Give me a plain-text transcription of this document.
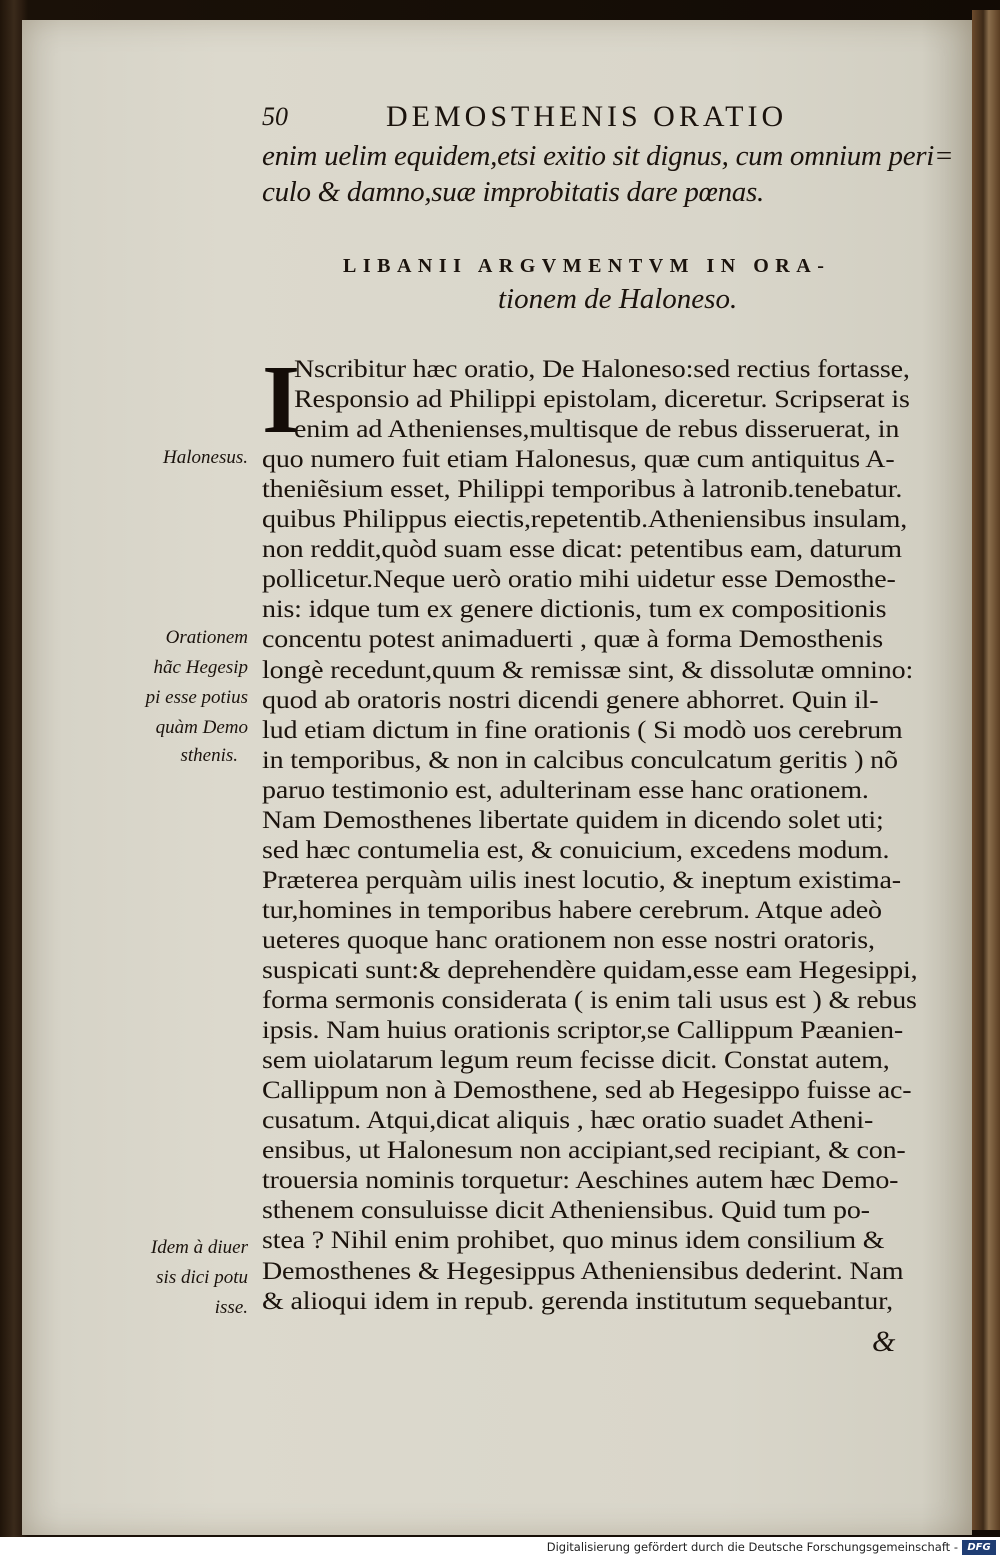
50	DEMOSTHENIS ORATIO
enim uelim equidem,etsi exitio sit dignus, cum omnium peri=
culo & damno,suæ improbitatis dare pœnas.
LIBANII ARGVMENTVM IN ORA-
tionem de Haloneso.
I
Nscribitur hæc oratio, De Haloneso:sed rectius fortasse,
Responsio ad Philippi epistolam, diceretur. Scripserat is
enim ad Athenienses,multisque de rebus disseruerat, in
quo numero fuit etiam Halonesus, quæ cum antiquitus A-
theniẽsium esset, Philippi temporibus à latronib.tenebatur.
quibus Philippus eiectis,repetentib.Atheniensibus insulam,
non reddit,quòd suam esse dicat: petentibus eam, daturum
pollicetur.Neque uerò oratio mihi uidetur esse Demosthe-
nis: idque tum ex genere dictionis, tum ex compositionis
concentu potest animaduerti , quæ à forma Demosthenis
longè recedunt,quum & remissæ sint, & dissolutæ omnino:
quod ab oratoris nostri dicendi genere abhorret. Quin il-
lud etiam dictum in fine orationis ( Si modò uos cerebrum
in temporibus, & non in calcibus conculcatum geritis ) nõ
paruo testimonio est, adulterinam esse hanc orationem.
Nam Demosthenes libertate quidem in dicendo solet uti;
sed hæc contumelia est, & conuicium, excedens modum.
Præterea perquàm uilis inest locutio, & ineptum existima-
tur,homines in temporibus habere cerebrum. Atque adeò
ueteres quoque hanc orationem non esse nostri oratoris,
suspicati sunt:& deprehendère quidam,esse eam Hegesippi,
forma sermonis considerata ( is enim tali usus est ) & rebus
ipsis. Nam huius orationis scriptor,se Callippum Pæanien-
sem uiolatarum legum reum fecisse dicit. Constat autem,
Callippum non à Demosthene, sed ab Hegesippo fuisse ac-
cusatum. Atqui,dicat aliquis , hæc oratio suadet Atheni-
ensibus, ut Halonesum non accipiant,sed recipiant, & con-
trouersia nominis torquetur: Aeschines autem hæc Demo-
sthenem consuluisse dicit Atheniensibus. Quid tum po-
stea ? Nihil enim prohibet, quo minus idem consilium &
Demosthenes & Hegesippus Atheniensibus dederint. Nam
& alioqui idem in repub. gerenda institutum sequebantur,
Halonesus.
Orationem
hãc Hegesip
pi esse potius
quàm Demo
sthenis.
Idem à diuer
sis dici potu
isse.
&
Digitalisierung gefördert durch die Deutsche Forschungsgemeinschaft - DFG
